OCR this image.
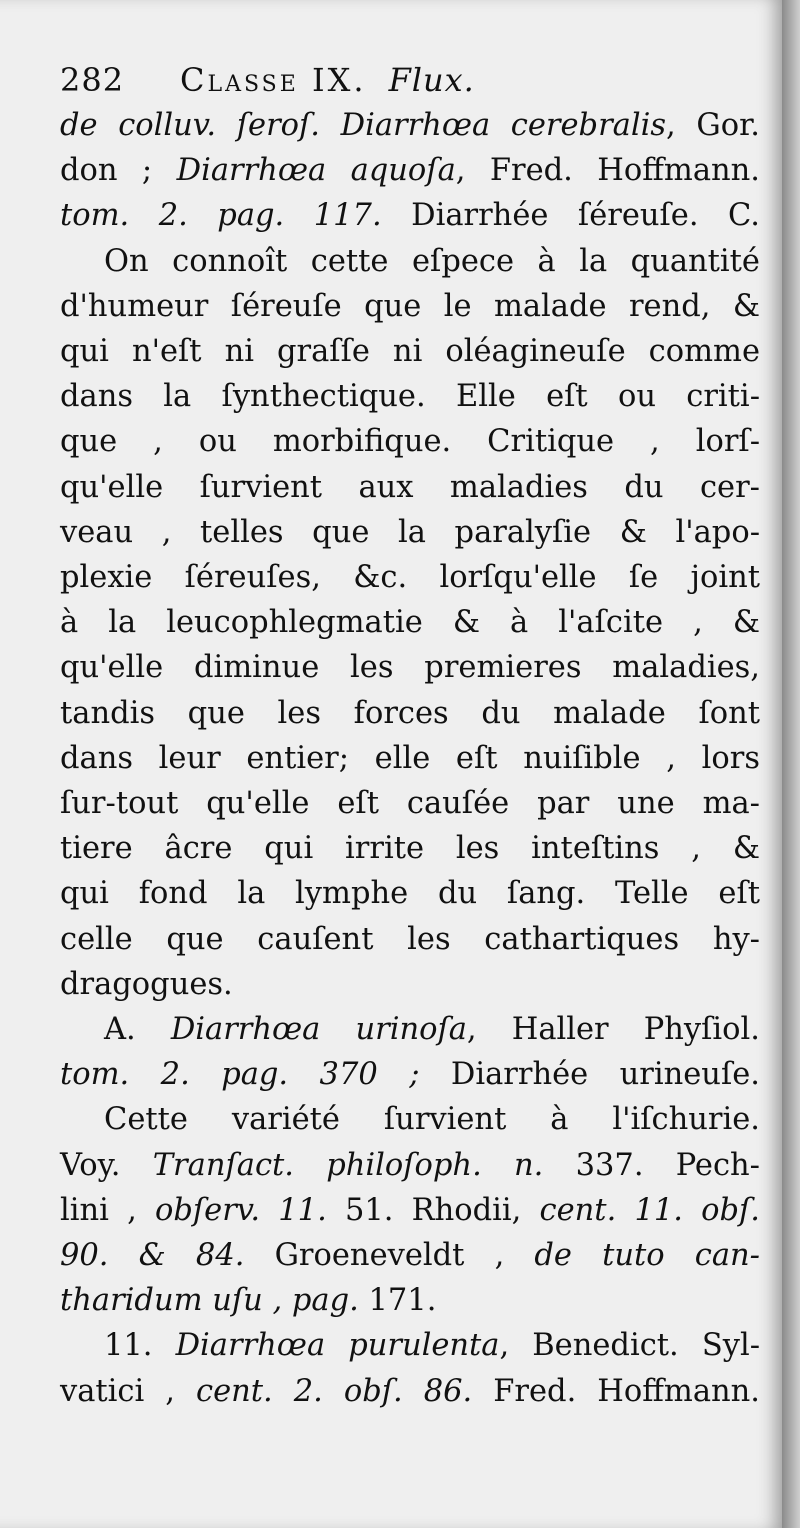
282	Classe IX. Flux.
de colluv. ſeroſ. Diarrhœa cerebralis, Gor.
don ; Diarrhœa aquoſa, Fred. Hoffmann.
tom. 2. pag. 117. Diarrhée ſéreuſe. C.
On connoît cette eſpece à la quantité
d'humeur ſéreuſe que le malade rend, &
qui n'eſt ni graſſe ni oléagineuſe comme
dans la ſynthectique. Elle eſt ou criti-
que , ou morbifique. Critique , lorſ-
qu'elle ſurvient aux maladies du cer-
veau , telles que la paralyſie & l'apo-
plexie ſéreuſes, &c. lorſqu'elle ſe joint
à la leucophlegmatie & à l'aſcite , &
qu'elle diminue les premieres maladies,
tandis que les forces du malade ſont
dans leur entier; elle eſt nuiſible , lors
ſur-tout qu'elle eſt cauſée par une ma-
tiere âcre qui irrite les inteſtins , &
qui fond la lymphe du ſang. Telle eſt
celle que cauſent les cathartiques hy-
dragogues.
A. Diarrhœa urinoſa, Haller Phyſiol.
tom. 2. pag. 370 ; Diarrhée urineuſe.
Cette variété ſurvient à l'iſchurie.
Voy. Tranſact. philoſoph. n. 337. Pech-
lini , obſerv. 11. 51. Rhodii, cent. 11. obſ.
90. & 84. Groeneveldt , de tuto can-
tharidum uſu , pag. 171.
11. Diarrhœa purulenta, Benedict. Syl-
vatici , cent. 2. obſ. 86. Fred. Hoffmann.
